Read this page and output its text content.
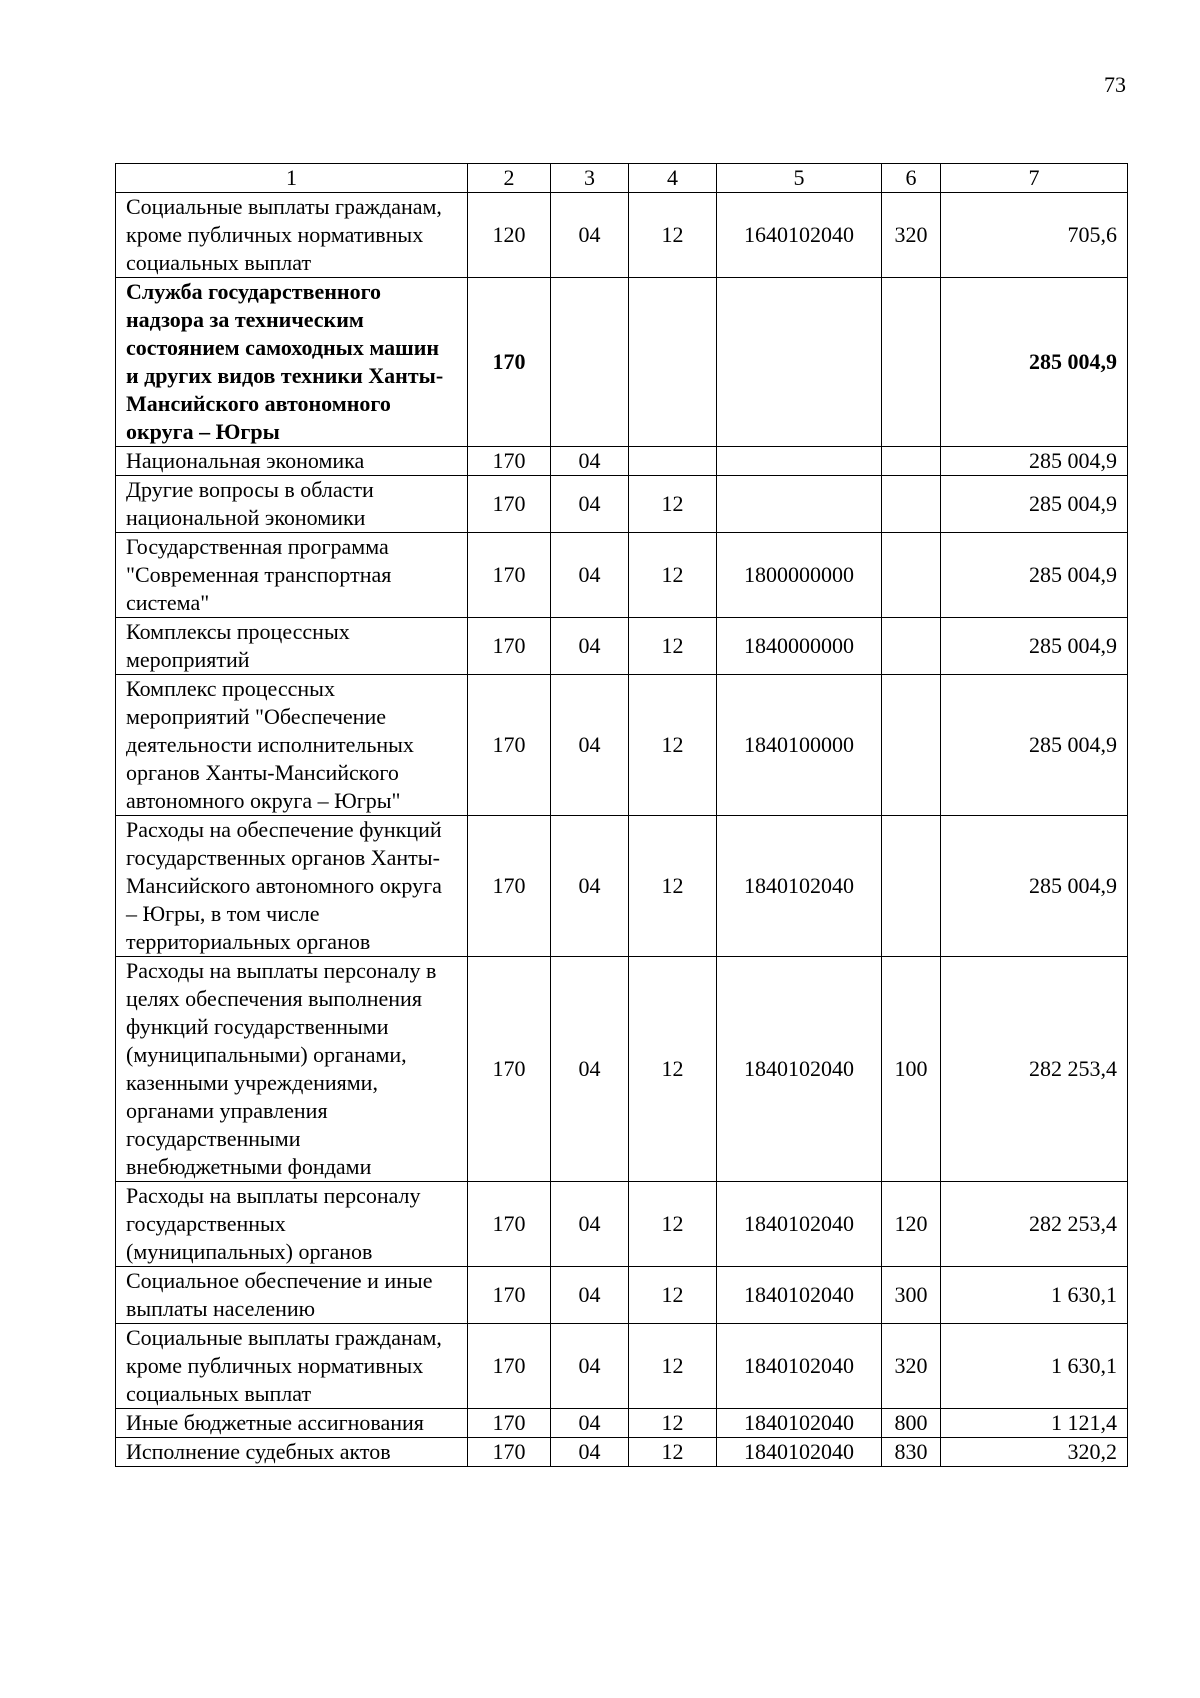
73
1	2	3	4	5	6	7
Социальные выплаты гражданам, кроме публичных нормативных социальных выплат	120	04	12	1640102040	320	705,6
Служба государственного надзора за техническим состоянием самоходных машин и других видов техники Ханты-Мансийского автономного округа – Югры	170					285 004,9
Национальная экономика	170	04				285 004,9
Другие вопросы в области национальной экономики	170	04	12			285 004,9
Государственная программа "Современная транспортная система"	170	04	12	1800000000		285 004,9
Комплексы процессных мероприятий	170	04	12	1840000000		285 004,9
Комплекс процессных мероприятий "Обеспечение деятельности исполнительных органов Ханты-Мансийского автономного округа – Югры"	170	04	12	1840100000		285 004,9
Расходы на обеспечение функций государственных органов Ханты-Мансийского автономного округа – Югры, в том числе территориальных органов	170	04	12	1840102040		285 004,9
Расходы на выплаты персоналу в целях обеспечения выполнения функций государственными (муниципальными) органами, казенными учреждениями, органами управления государственными внебюджетными фондами	170	04	12	1840102040	100	282 253,4
Расходы на выплаты персоналу государственных (муниципальных) органов	170	04	12	1840102040	120	282 253,4
Социальное обеспечение и иные выплаты населению	170	04	12	1840102040	300	1 630,1
Социальные выплаты гражданам, кроме публичных нормативных социальных выплат	170	04	12	1840102040	320	1 630,1
Иные бюджетные ассигнования	170	04	12	1840102040	800	1 121,4
Исполнение судебных актов	170	04	12	1840102040	830	320,2
